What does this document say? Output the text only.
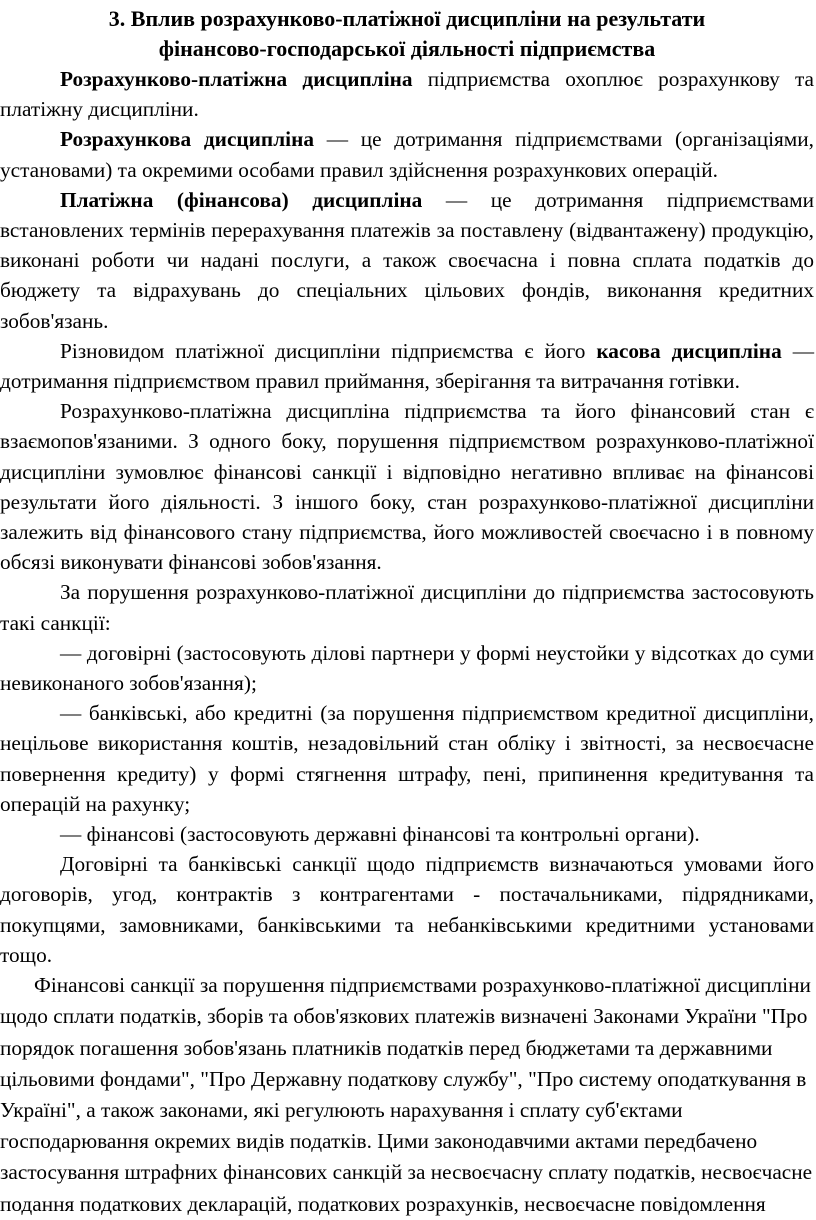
3. Вплив розрахунково-платіжної дисципліни на результати
фінансово-господарської діяльності підприємства

Розрахунково-платіжна дисципліна підприємства охоплює розрахункову та платіжну дисципліни.

Розрахункова дисципліна — це дотримання підприємствами (організаціями, установами) та окремими особами правил здійснення розрахункових операцій.

Платіжна (фінансова) дисципліна — це дотримання підприємствами встановлених термінів перерахування платежів за поставлену (відвантажену) продукцію, виконані роботи чи надані послуги, а також своєчасна і повна сплата податків до бюджету та відрахувань до спеціальних цільових фондів, виконання кредитних зобов'язань.

Різновидом платіжної дисципліни підприємства є його касова дисципліна — дотримання підприємством правил приймання, зберігання та витрачання готівки.

Розрахунково-платіжна дисципліна підприємства та його фінансовий стан є взаємопов'язаними. З одного боку, порушення підприємством розрахунково-платіжної дисципліни зумовлює фінансові санкції і відповідно негативно впливає на фінансові результати його діяльності. З іншого боку, стан розрахунково-платіжної дисципліни залежить від фінансового стану підприємства, його можливостей своєчасно і в повному обсязі виконувати фінансові зобов'язання.

За порушення розрахунково-платіжної дисципліни до підприємства застосовують такі санкції:

— договірні (застосовують ділові партнери у формі неустойки у відсотках до суми невиконаного зобов'язання);

— банківські, або кредитні (за порушення підприємством кредитної дисципліни, нецільове використання коштів, незадовільний стан обліку і звітності, за несвоєчасне повернення кредиту) у формі стягнення штрафу, пені, припинення кредитування та операцій на рахунку;

— фінансові (застосовують державні фінансові та контрольні органи).

Договірні та банківські санкції щодо підприємств визначаються умовами його договорів, угод, контрактів з контрагентами - постачальниками, підрядниками, покупцями, замовниками, банківськими та небанківськими кредитними установами тощо.

Фінансові санкції за порушення підприємствами розрахунково-платіжної дисципліни щодо сплати податків, зборів та обов'язкових платежів визначені Законами України "Про порядок погашення зобов'язань платників податків перед бюджетами та державними цільовими фондами", "Про Державну податкову службу", "Про систему оподаткування в Україні", а також законами, які регулюють нарахування і сплату суб'єктами господарювання окремих видів податків. Цими законодавчими актами передбачено застосування штрафних фінансових санкцій за несвоєчасну сплату податків, несвоєчасне подання податкових декларацій, податкових розрахунків, несвоєчасне повідомлення
